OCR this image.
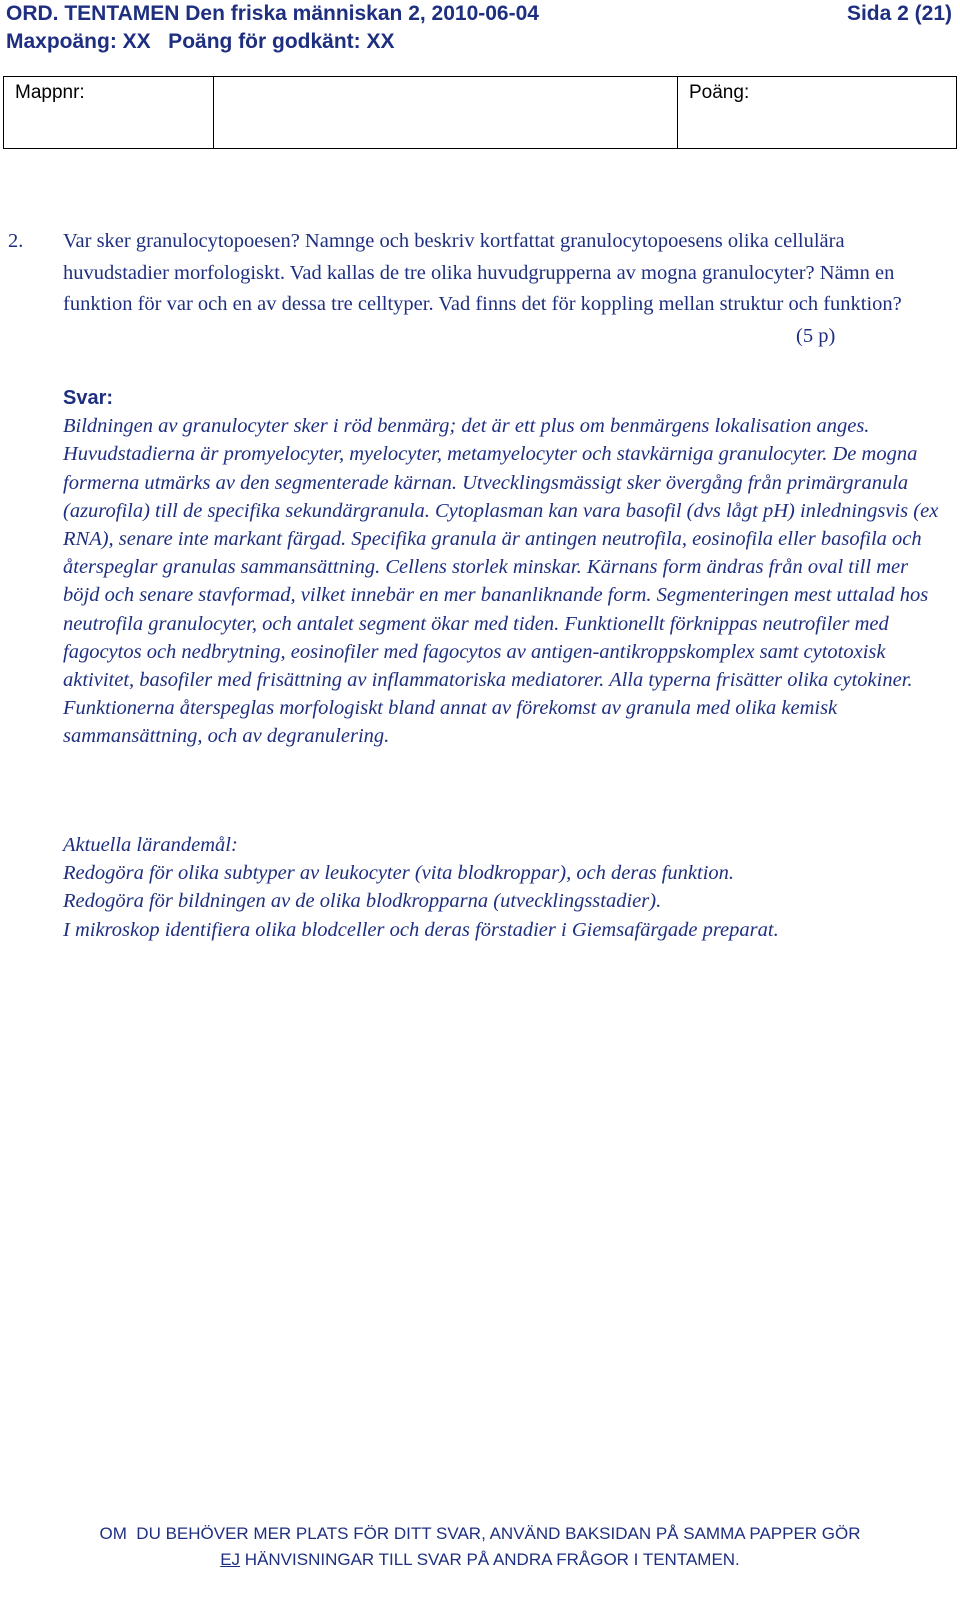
ORD. TENTAMEN Den friska människan 2, 2010-06-04	Sida 2 (21)
Maxpoäng: XX   Poäng för godkänt: XX
Mappnr:	Poäng:
2. Var sker granulocytopoesen? Namnge och beskriv kortfattat granulocytopoesens olika cellulära huvudstadier morfologiskt. Vad kallas de tre olika huvudgrupperna av mogna granulocyter? Nämn en funktion för var och en av dessa tre celltyper. Vad finns det för koppling mellan struktur och funktion?
(5 p)
Svar:

Bildningen av granulocyter sker i röd benmärg; det är ett plus om benmärgens lokalisation anges. Huvudstadierna är promyelocyter, myelocyter, metamyelocyter och stavkärniga granulocyter. De mogna formerna utmärks av den segmenterade kärnan. Utvecklingsmässigt sker övergång från primärgranula (azurofila) till de specifika sekundärgranula. Cytoplasman kan vara basofil (dvs lågt pH) inledningsvis (ex RNA), senare inte markant färgad. Specifika granula är antingen neutrofila, eosinofila eller basofila och återspeglar granulas sammansättning. Cellens storlek minskar. Kärnans form ändras från oval till mer böjd och senare stavformad, vilket innebär en mer bananliknande form. Segmenteringen mest uttalad hos neutrofila granulocyter, och antalet segment ökar med tiden. Funktionellt förknippas neutrofiler med fagocytos och nedbrytning, eosinofiler med fagocytos av antigen-antikroppskomplex samt cytotoxisk aktivitet, basofiler med frisättning av inflammatoriska mediatorer. Alla typerna frisätter olika cytokiner. Funktionerna återspeglas morfologiskt bland annat av förekomst av granula med olika kemisk sammansättning, och av degranulering.

Aktuella lärandemål:
Redogöra för olika subtyper av leukocyter (vita blodkroppar), och deras funktion.
Redogöra för bildningen av de olika blodkropparna (utvecklingsstadier).
I mikroskop identifiera olika blodceller och deras förstadier i Giemsafärgade preparat.
OM  DU BEHÖVER MER PLATS FÖR DITT SVAR, ANVÄND BAKSIDAN PÅ SAMMA PAPPER GÖR
EJ HÄNVISNINGAR TILL SVAR PÅ ANDRA FRÅGOR I TENTAMEN.
